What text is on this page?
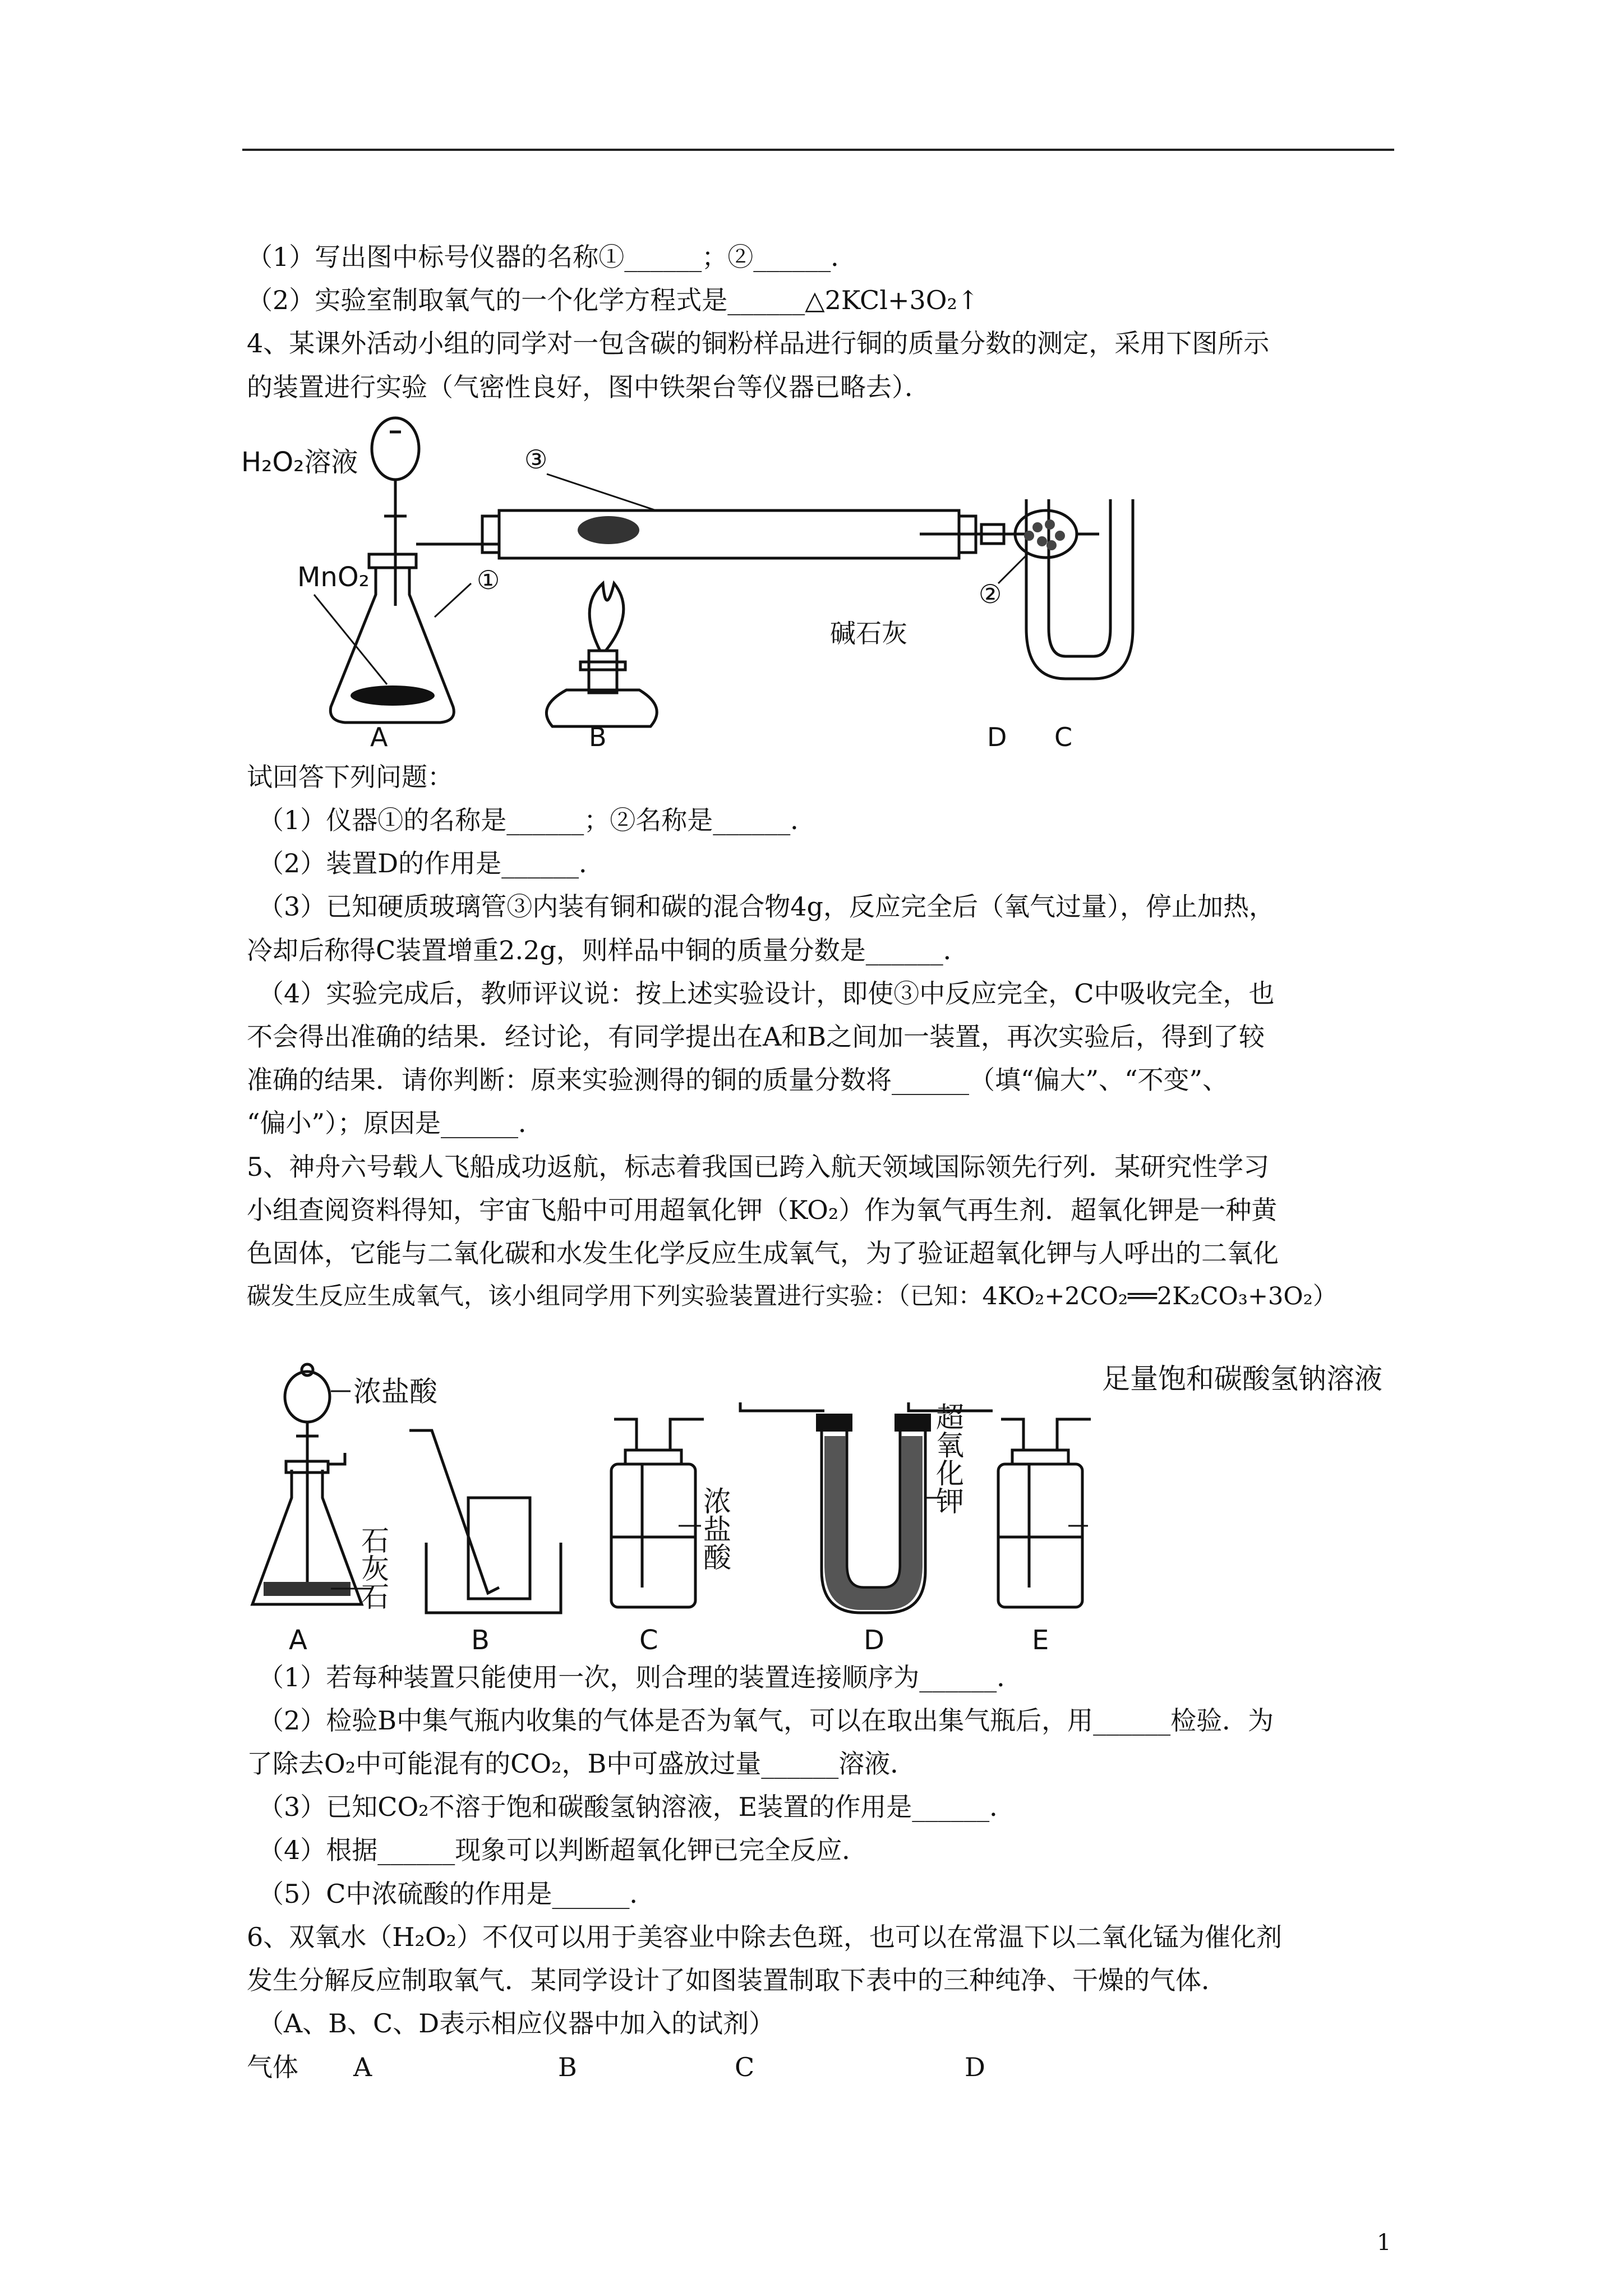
（1）写出图中标号仪器的名称①______；②______．
（2）实验室制取氧气的一个化学方程式是______△2KCl+3O₂↑
4、某课外活动小组的同学对一包含碳的铜粉样品进行铜的质量分数的测定，采用下图所示
的装置进行实验（气密性良好，图中铁架台等仪器已略去）．
H₂O₂溶液
MnO₂	①
③
A	B	C
碱石灰
②
D
试回答下列问题：
（1）仪器①的名称是______；②名称是______．
（2）装置D的作用是______．
（3）已知硬质玻璃管③内装有铜和碳的混合物4g，反应完全后（氧气过量），停止加热，
冷却后称得C装置增重2.2g，则样品中铜的质量分数是______．
（4）实验完成后，教师评议说：按上述实验设计，即使③中反应完全，C中吸收完全，也
不会得出准确的结果．经讨论，有同学提出在A和B之间加一装置，再次实验后，得到了较
准确的结果．请你判断：原来实验测得的铜的质量分数将______（填“偏大”、“不变”、
“偏小”）；原因是______．
5、神舟六号载人飞船成功返航，标志着我国已跨入航天领域国际领先行列．某研究性学习
小组查阅资料得知，宇宙飞船中可用超氧化钾（KO₂）作为氧气再生剂．超氧化钾是一种黄
色固体，它能与二氧化碳和水发生化学反应生成氧气，为了验证超氧化钾与人呼出的二氧化
碳发生反应生成氧气，该小组同学用下列实验装置进行实验：（已知：4KO₂+2CO₂══2K₂CO₃+3O₂）
浓盐酸
石灰石	浓盐酸
超氧化钾
足量饱和碳酸氢钠溶液
A	B	C	D	E
（1）若每种装置只能使用一次，则合理的装置连接顺序为______．
（2）检验B中集气瓶内收集的气体是否为氧气，可以在取出集气瓶后，用______检验．为
了除去O₂中可能混有的CO₂，B中可盛放过量______溶液．
（3）已知CO₂不溶于饱和碳酸氢钠溶液，E装置的作用是______．
（4）根据______现象可以判断超氧化钾已完全反应．
（5）C中浓硫酸的作用是______．
6、双氧水（H₂O₂）不仅可以用于美容业中除去色斑，也可以在常温下以二氧化锰为催化剂
发生分解反应制取氧气．某同学设计了如图装置制取下表中的三种纯净、干燥的气体．
（A、B、C、D表示相应仪器中加入的试剂）
气体 A	B	C	D
1
